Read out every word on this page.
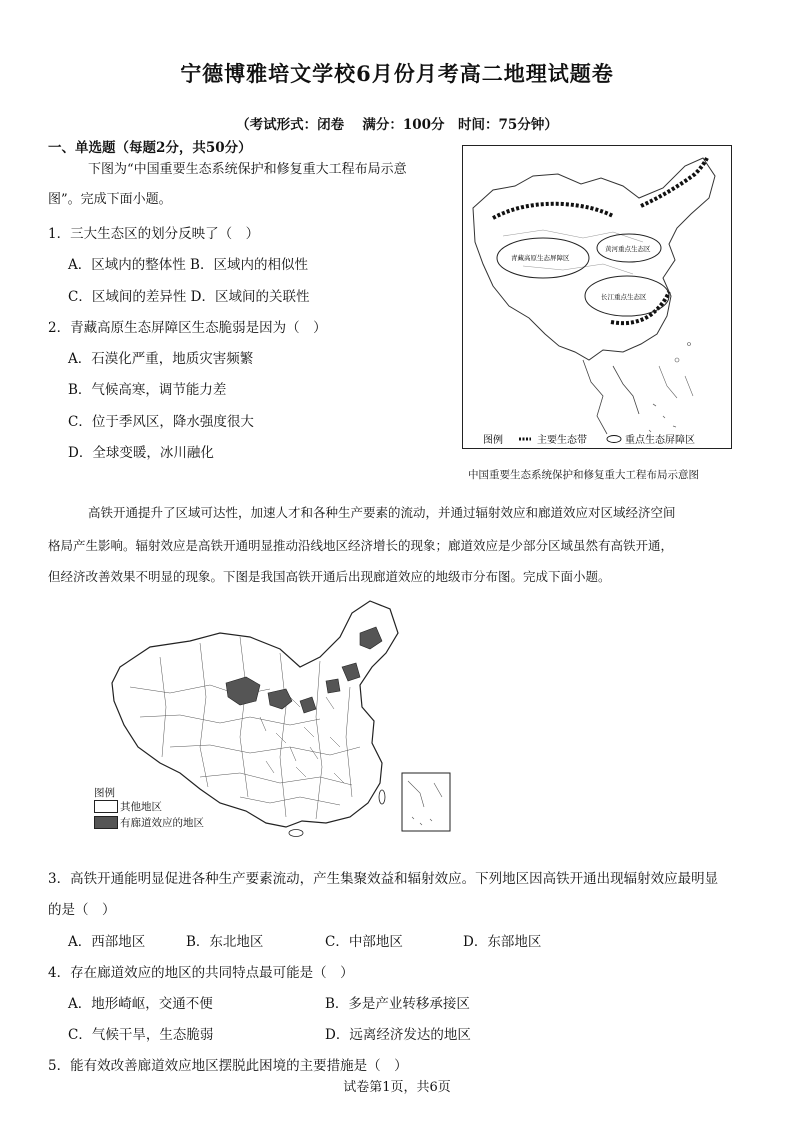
宁德博雅培文学校6月份月考高二地理试题卷
（考试形式：闭卷　 满分：100分　时间：75分钟）
一、单选题（每题2分，共50分）
下图为“中国重要生态系统保护和修复重大工程布局示意
图”。完成下面小题。
1．三大生态区的划分反映了（　）
A．区域内的整体性 B．区域内的相似性
C．区域间的差异性 D．区域间的关联性
2．青藏高原生态屏障区生态脆弱是因为（　）
A．石漠化严重，地质灾害频繁
B．气候高寒，调节能力差
C．位于季风区，降水强度很大
D．全球变暖，冰川融化
青藏高原生态屏障区
黄河重点生态区
长江重点生态区
图例	主要生态带	重点生态屏障区
中国重要生态系统保护和修复重大工程布局示意图
高铁开通提升了区域可达性，加速人才和各种生产要素的流动，并通过辐射效应和廊道效应对区域经济空间
格局产生影响。辐射效应是高铁开通明显推动沿线地区经济增长的现象；廊道效应是少部分区域虽然有高铁开通，
但经济改善效果不明显的现象。下图是我国高铁开通后出现廊道效应的地级市分布图。完成下面小题。
图例
其他地区
有廊道效应的地区
3．高铁开通能明显促进各种生产要素流动，产生集聚效益和辐射效应。下列地区因高铁开通出现辐射效应最明显
的是（　）
A．西部地区	B．东北地区	C．中部地区	D．东部地区
4．存在廊道效应的地区的共同特点最可能是（　）
A．地形崎岖，交通不便	B．多是产业转移承接区
C．气候干旱，生态脆弱	D．远离经济发达的地区
5．能有效改善廊道效应地区摆脱此困境的主要措施是（　）
试卷第1页，共6页
